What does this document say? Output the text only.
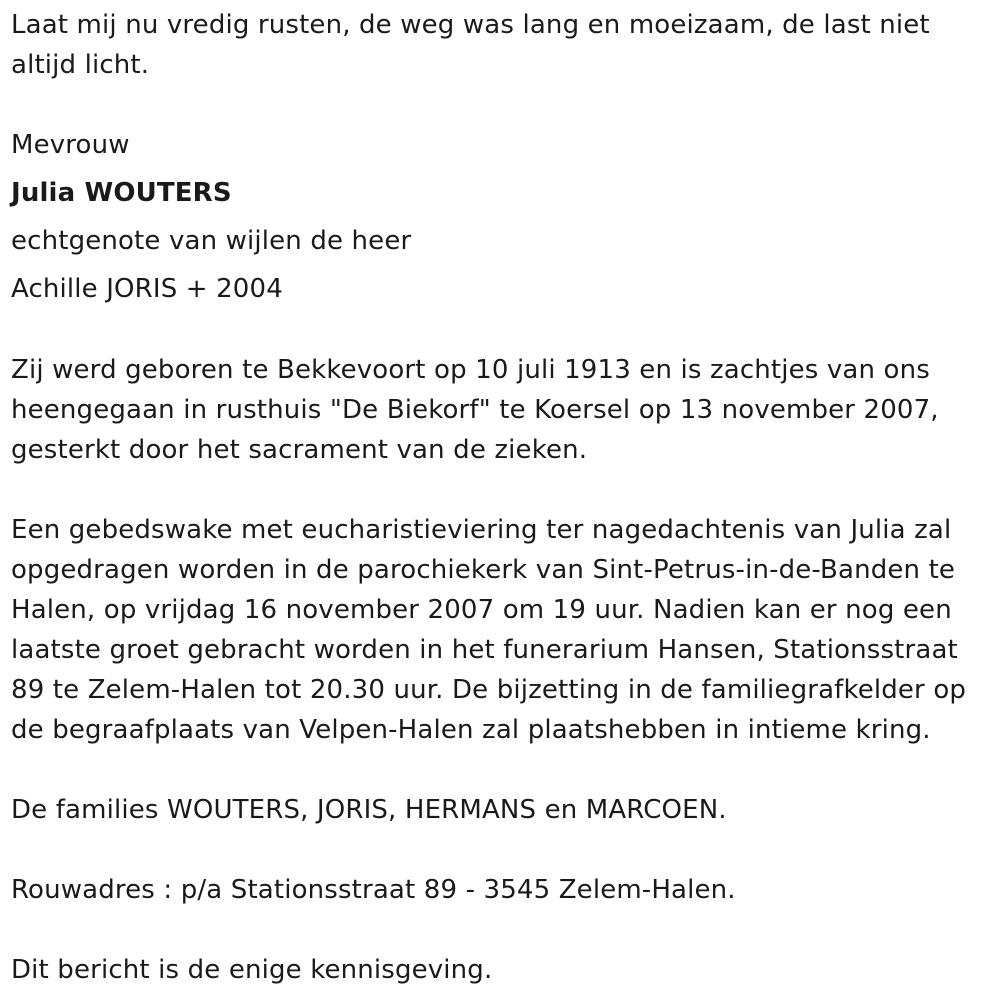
Laat mij nu vredig rusten, de weg was lang en moeizaam, de last niet
altijd licht.
Mevrouw
Julia WOUTERS
echtgenote van wijlen de heer
Achille JORIS + 2004
Zij werd geboren te Bekkevoort op 10 juli 1913 en is zachtjes van ons
heengegaan in rusthuis "De Biekorf" te Koersel op 13 november 2007,
gesterkt door het sacrament van de zieken.
Een gebedswake met eucharistieviering ter nagedachtenis van Julia zal
opgedragen worden in de parochiekerk van Sint-Petrus-in-de-Banden te
Halen, op vrijdag 16 november 2007 om 19 uur. Nadien kan er nog een
laatste groet gebracht worden in het funerarium Hansen, Stationsstraat
89 te Zelem-Halen tot 20.30 uur. De bijzetting in de familiegrafkelder op
de begraafplaats van Velpen-Halen zal plaatshebben in intieme kring.
De families WOUTERS, JORIS, HERMANS en MARCOEN.
Rouwadres : p/a Stationsstraat 89 - 3545 Zelem-Halen.
Dit bericht is de enige kennisgeving.
